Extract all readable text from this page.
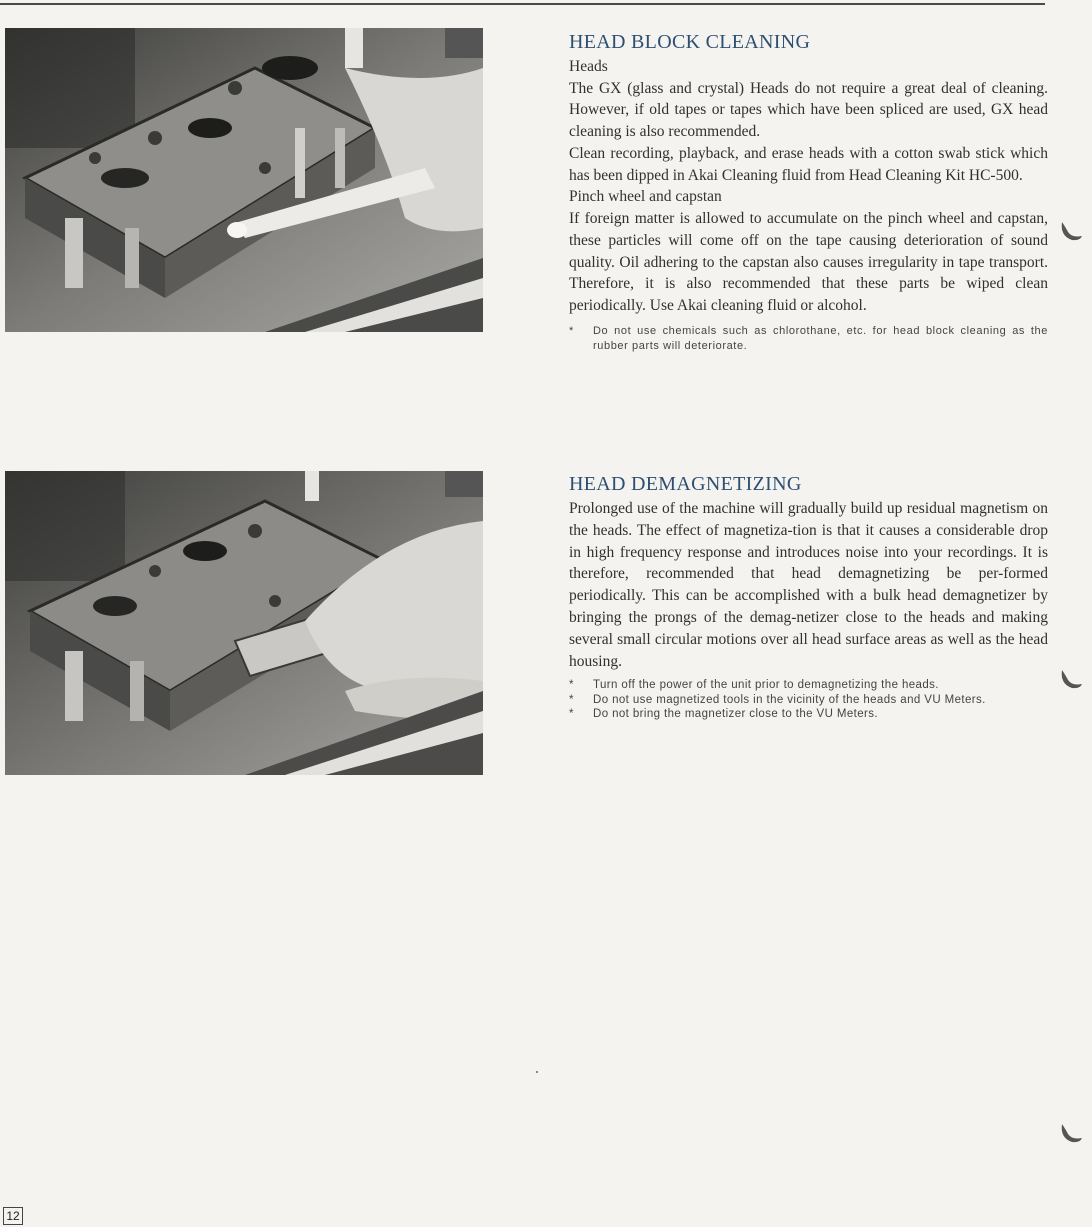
HEAD BLOCK CLEANING
Heads

The GX (glass and crystal) Heads do not require a great deal of cleaning. However, if old tapes or tapes which have been spliced are used, GX head cleaning is also recommended.

Clean recording, playback, and erase heads with a cotton swab stick which has been dipped in Akai Cleaning fluid from Head Cleaning Kit HC-500.

Pinch wheel and capstan

If foreign matter is allowed to accumulate on the pinch wheel and capstan, these particles will come off on the tape causing deterioration of sound quality. Oil adhering to the capstan also causes irregularity in tape transport. Therefore, it is also recommended that these parts be wiped clean periodically. Use Akai cleaning fluid or alcohol.

* Do not use chemicals such as chlorothane, etc. for head block cleaning as the rubber parts will deteriorate.
HEAD DEMAGNETIZING

Prolonged use of the machine will gradually build up residual magnetism on the heads. The effect of magnetiza-tion is that it causes a considerable drop in high frequency response and introduces noise into your recordings. It is therefore, recommended that head demagnetizing be per-formed periodically. This can be accomplished with a bulk head demagnetizer by bringing the prongs of the demag-netizer close to the heads and making several small circular motions over all head surface areas as well as the head housing.

* Turn off the power of the unit prior to demagnetizing the heads.
* Do not use magnetized tools in the vicinity of the heads and VU Meters.
* Do not bring the magnetizer close to the VU Meters.
12
